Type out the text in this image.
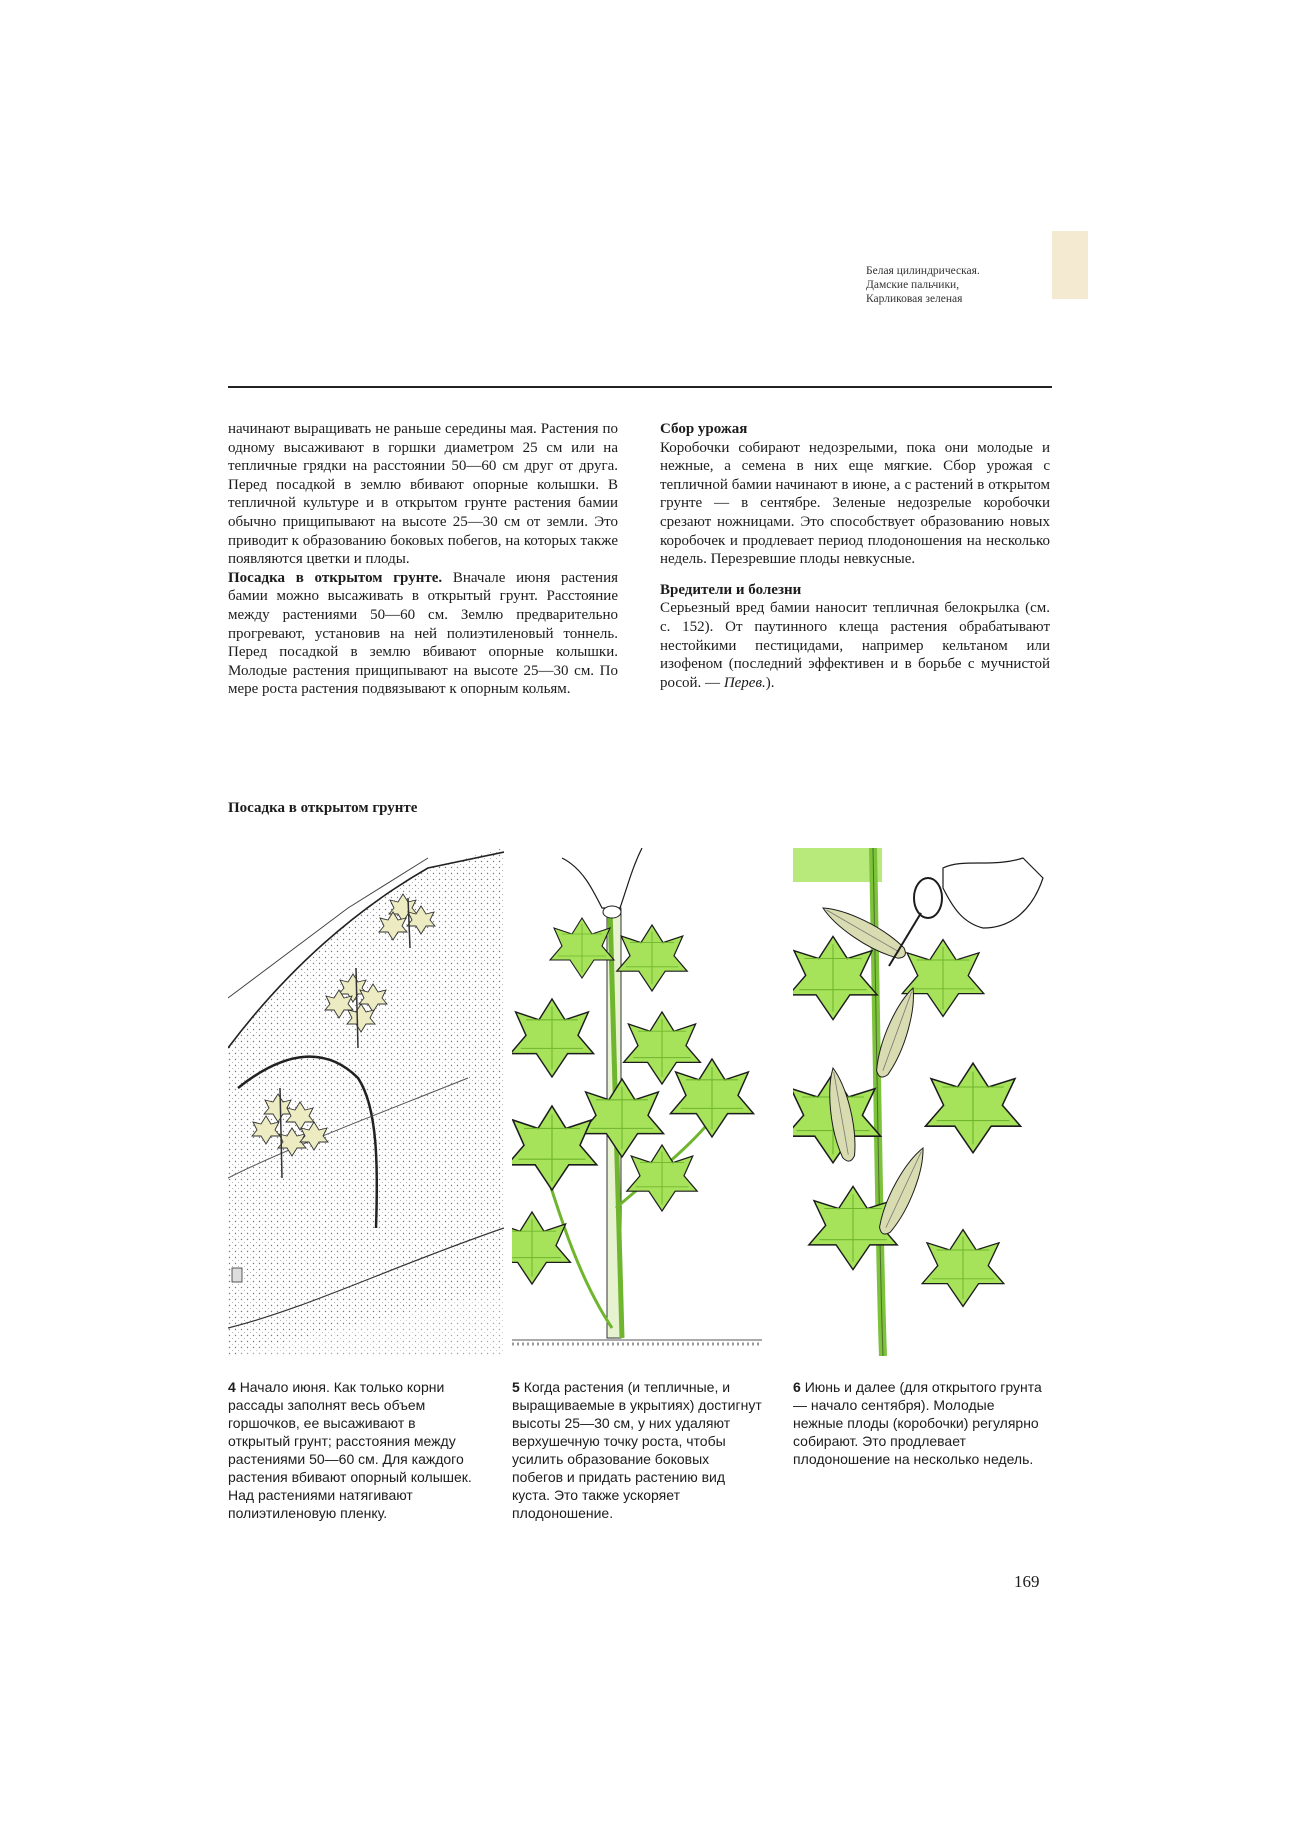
Белая цилиндрическая.
Дамские пальчики,
Карликовая зеленая

начинают выращивать не раньше середины мая. Растения по одному высаживают в горшки диаметром 25 см или на тепличные грядки на расстоянии 50—60 см друг от друга. Перед посадкой в землю вбивают опорные колышки. В тепличной культуре и в открытом грунте растения бамии обычно прищипывают на высоте 25—30 см от земли. Это приводит к образованию боковых побегов, на которых также появляются цветки и плоды.

Посадка в открытом грунте. Вначале июня растения бамии можно высаживать в открытый грунт. Расстояние между растениями 50—60 см. Землю предварительно прогревают, установив на ней полиэтиленовый тоннель. Перед посадкой в землю вбивают опорные колышки. Молодые растения прищипывают на высоте 25—30 см. По мере роста растения подвязывают к опорным кольям.

Сбор урожая

Коробочки собирают недозрелыми, пока они молодые и нежные, а семена в них еще мягкие. Сбор урожая с тепличной бамии начинают в июне, а с растений в открытом грунте — в сентябре. Зеленые недозрелые коробочки срезают ножницами. Это способствует образованию новых коробочек и продлевает период плодоношения на несколько недель. Перезревшие плоды невкусные.

Вредители и болезни

Серьезный вред бамии наносит тепличная белокрылка (см. с. 152). От паутинного клеща растения обрабатывают нестойкими пестицидами, например кельтаном или изофеном (последний эффективен и в борьбе с мучнистой росой. — Перев.).

Посадка в открытом грунте
4 Начало июня. Как только корни рассады заполнят весь объем горшочков, ее высаживают в открытый грунт; расстояния между растениями 50—60 см. Для каждого растения вбивают опорный колышек. Над растениями натягивают полиэтиленовую пленку.
5 Когда растения (и тепличные, и выращиваемые в укрытиях) достигнут высоты 25—30 см, у них удаляют верхушечную точку роста, чтобы усилить образование боковых побегов и придать растению вид куста. Это также ускоряет плодоношение.
6 Июнь и далее (для открытого грунта — начало сентября). Молодые нежные плоды (коробочки) регулярно собирают. Это продлевает плодоношение на несколько недель.
169
